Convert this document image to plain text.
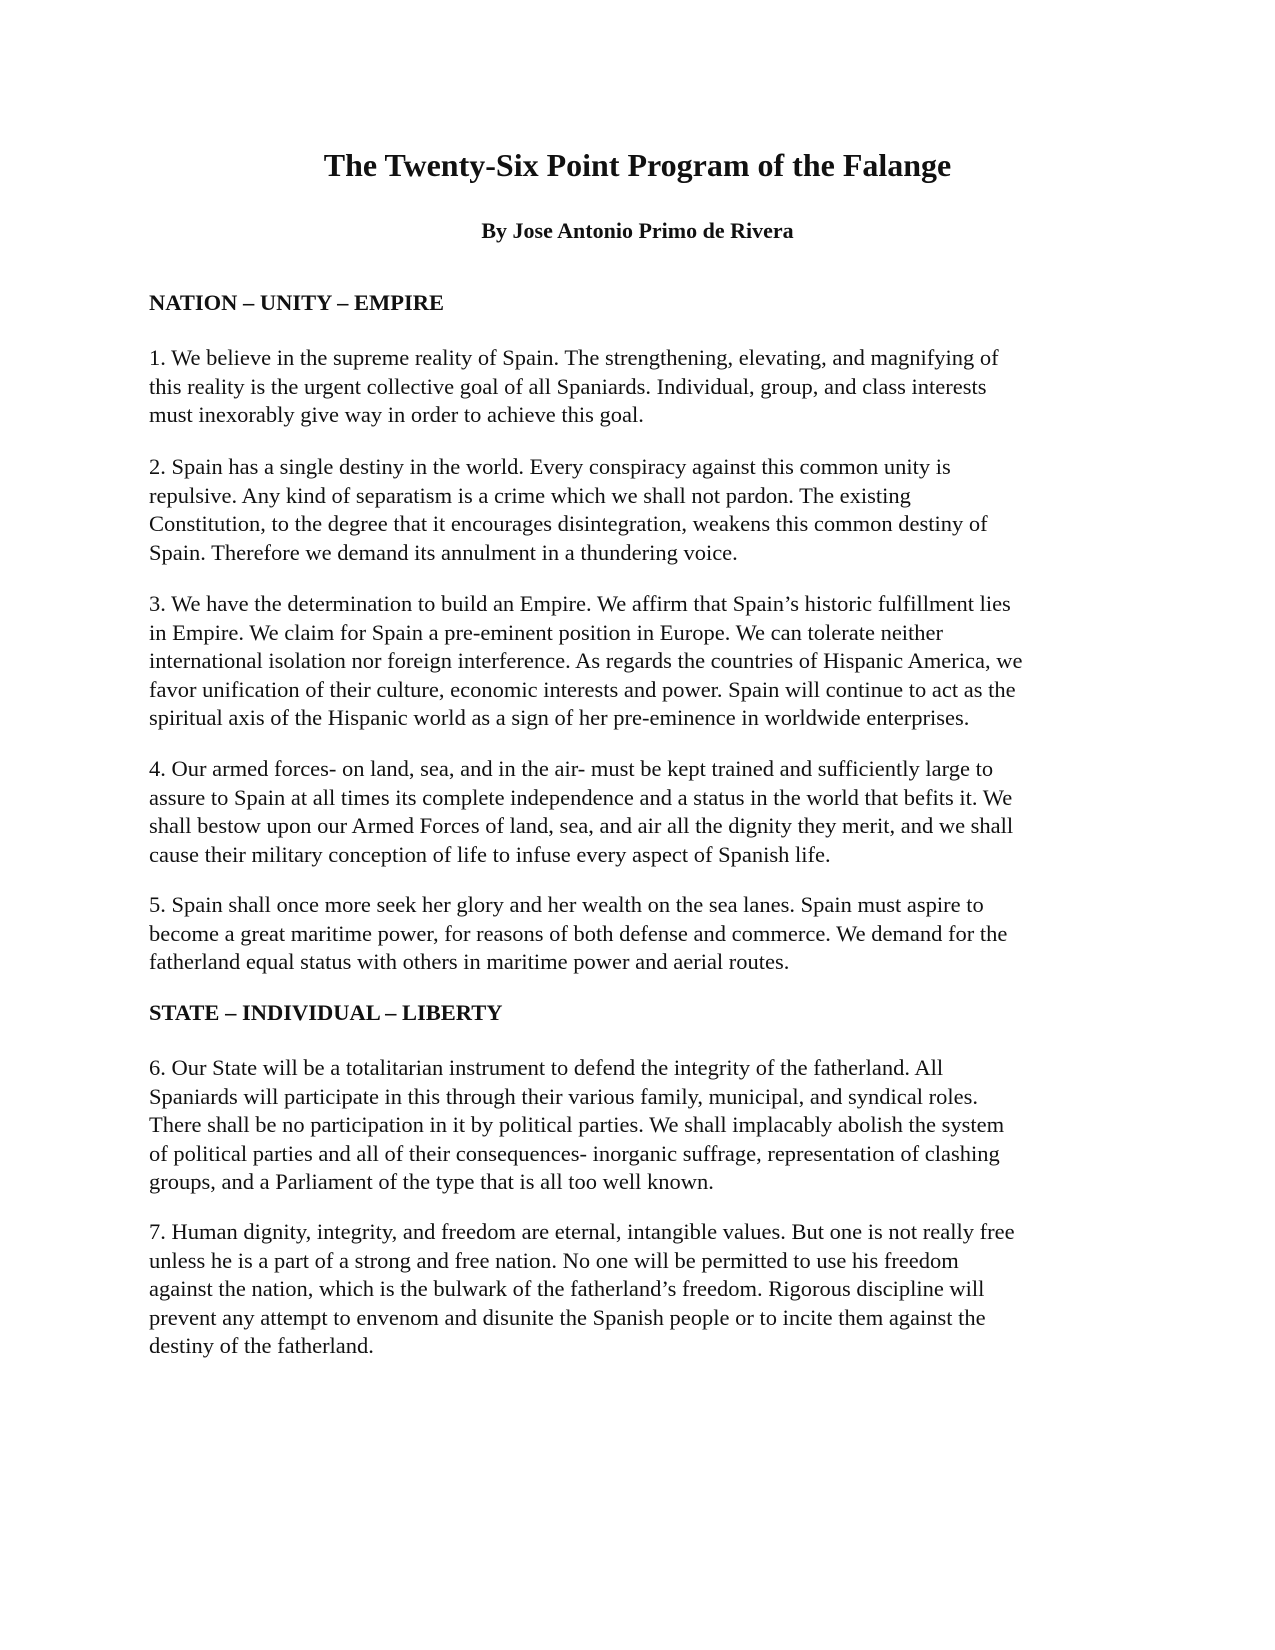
The Twenty-Six Point Program of the Falange
By Jose Antonio Primo de Rivera
NATION – UNITY – EMPIRE

1. We believe in the supreme reality of Spain. The strengthening, elevating, and magnifying of
this reality is the urgent collective goal of all Spaniards. Individual, group, and class interests
must inexorably give way in order to achieve this goal.

2. Spain has a single destiny in the world. Every conspiracy against this common unity is
repulsive. Any kind of separatism is a crime which we shall not pardon. The existing
Constitution, to the degree that it encourages disintegration, weakens this common destiny of
Spain. Therefore we demand its annulment in a thundering voice.

3. We have the determination to build an Empire. We affirm that Spain’s historic fulfillment lies
in Empire. We claim for Spain a pre-eminent position in Europe. We can tolerate neither
international isolation nor foreign interference. As regards the countries of Hispanic America, we
favor unification of their culture, economic interests and power. Spain will continue to act as the
spiritual axis of the Hispanic world as a sign of her pre-eminence in worldwide enterprises.

4. Our armed forces- on land, sea, and in the air- must be kept trained and sufficiently large to
assure to Spain at all times its complete independence and a status in the world that befits it. We
shall bestow upon our Armed Forces of land, sea, and air all the dignity they merit, and we shall
cause their military conception of life to infuse every aspect of Spanish life.

5. Spain shall once more seek her glory and her wealth on the sea lanes. Spain must aspire to
become a great maritime power, for reasons of both defense and commerce. We demand for the
fatherland equal status with others in maritime power and aerial routes.

STATE – INDIVIDUAL – LIBERTY

6. Our State will be a totalitarian instrument to defend the integrity of the fatherland. All
Spaniards will participate in this through their various family, municipal, and syndical roles.
There shall be no participation in it by political parties. We shall implacably abolish the system
of political parties and all of their consequences- inorganic suffrage, representation of clashing
groups, and a Parliament of the type that is all too well known.

7. Human dignity, integrity, and freedom are eternal, intangible values. But one is not really free
unless he is a part of a strong and free nation. No one will be permitted to use his freedom
against the nation, which is the bulwark of the fatherland’s freedom. Rigorous discipline will
prevent any attempt to envenom and disunite the Spanish people or to incite them against the
destiny of the fatherland.
